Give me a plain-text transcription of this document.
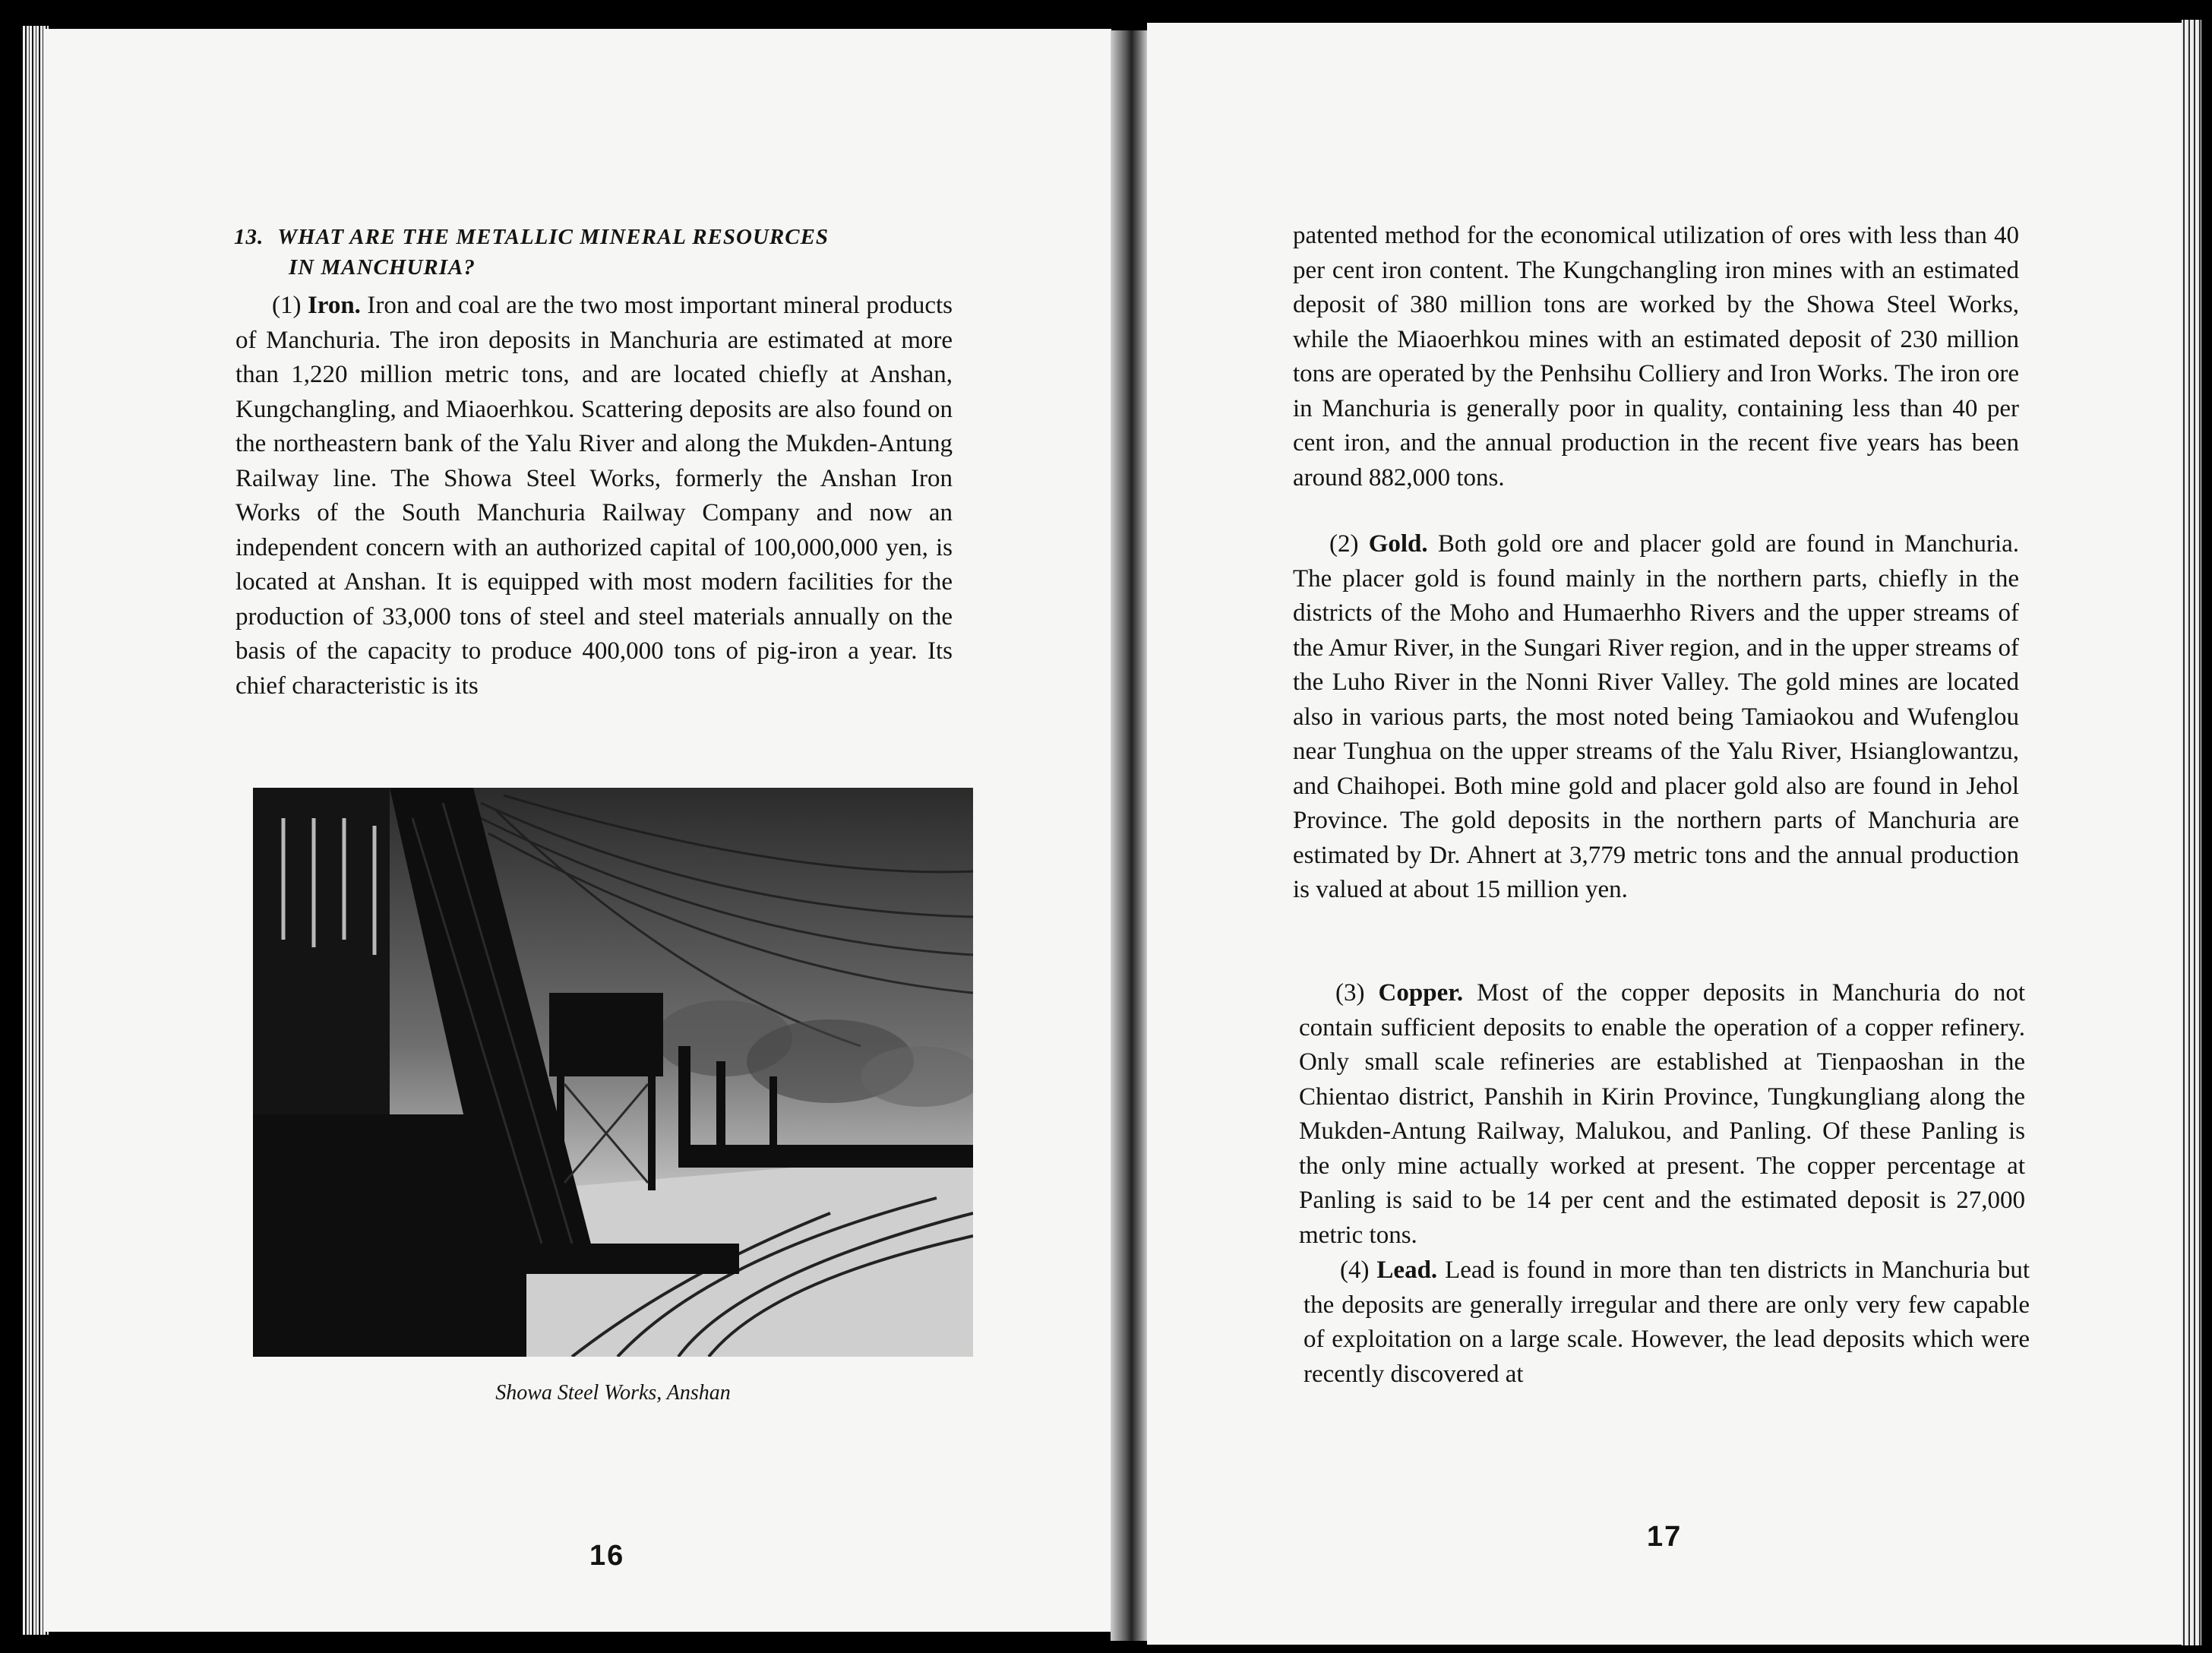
13. WHAT ARE THE METALLIC MINERAL RESOURCES
IN MANCHURIA?

(1) Iron. Iron and coal are the two most important mineral products of Manchuria. The iron deposits in Manchuria are estimated at more than 1,220 million metric tons, and are located chiefly at Anshan, Kungchangling, and Miaoerhkou. Scattering deposits are also found on the northeastern bank of the Yalu River and along the Mukden-Antung Railway line. The Showa Steel Works, formerly the Anshan Iron Works of the South Manchuria Railway Company and now an independent concern with an authorized capital of 100,000,000 yen, is located at Anshan. It is equipped with most modern facilities for the production of 33,000 tons of steel and steel materials annually on the basis of the capacity to produce 400,000 tons of pig-iron a year. Its chief characteristic is its

Showa Steel Works, Anshan
16

patented method for the economical utilization of ores with less than 40 per cent iron content. The Kungchangling iron mines with an estimated deposit of 380 million tons are worked by the Showa Steel Works, while the Miaoerhkou mines with an estimated deposit of 230 million tons are operated by the Penhsihu Colliery and Iron Works. The iron ore in Manchuria is generally poor in quality, containing less than 40 per cent iron, and the annual production in the recent five years has been around 882,000 tons.

(2) Gold. Both gold ore and placer gold are found in Manchuria. The placer gold is found mainly in the northern parts, chiefly in the districts of the Moho and Humaerhho Rivers and the upper streams of the Amur River, in the Sungari River region, and in the upper streams of the Luho River in the Nonni River Valley. The gold mines are located also in various parts, the most noted being Tamiaokou and Wufenglou near Tunghua on the upper streams of the Yalu River, Hsianglowantzu, and Chaihopei. Both mine gold and placer gold also are found in Jehol Province. The gold deposits in the northern parts of Manchuria are estimated by Dr. Ahnert at 3,779 metric tons and the annual production is valued at about 15 million yen.

(3) Copper. Most of the copper deposits in Manchuria do not contain sufficient deposits to enable the operation of a copper refinery. Only small scale refineries are established at Tienpaoshan in the Chientao district, Panshih in Kirin Province, Tungkungliang along the Mukden-Antung Railway, Malukou, and Panling. Of these Panling is the only mine actually worked at present. The copper percentage at Panling is said to be 14 per cent and the estimated deposit is 27,000 metric tons.

(4) Lead. Lead is found in more than ten districts in Manchuria but the deposits are generally irregular and there are only very few capable of exploitation on a large scale. However, the lead deposits which were recently discovered at

17
